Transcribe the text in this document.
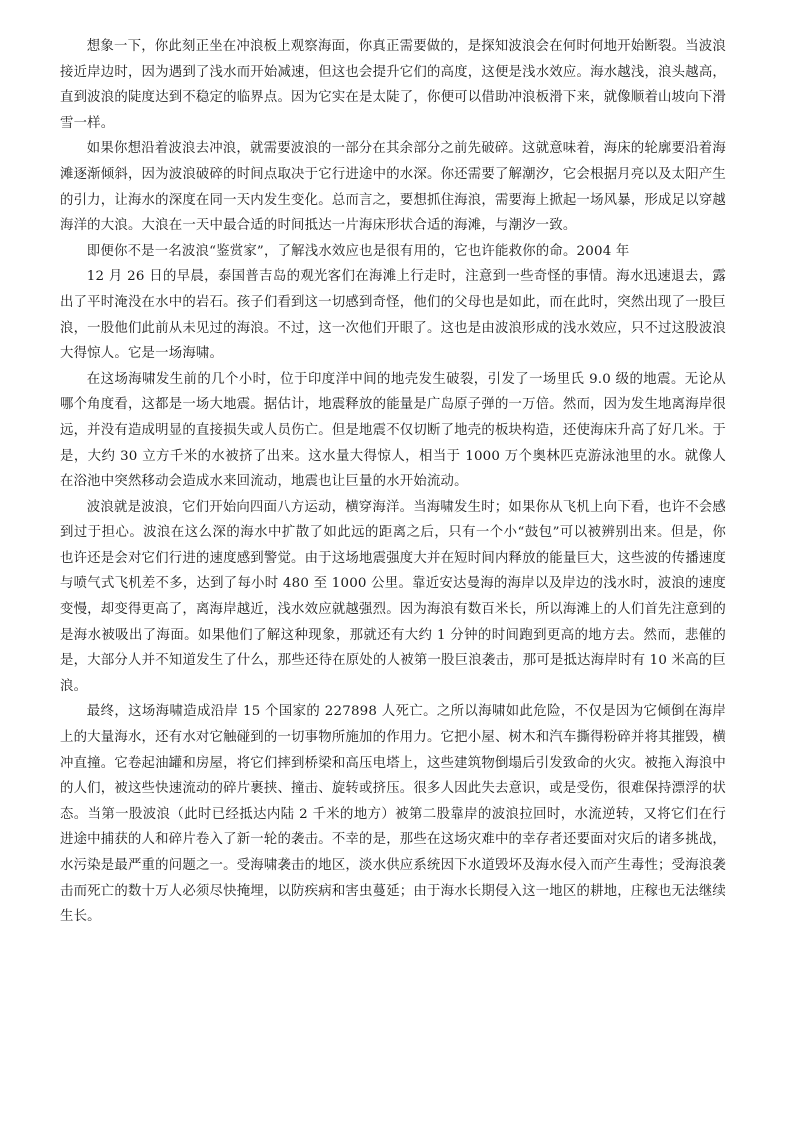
想象一下，你此刻正坐在冲浪板上观察海面，你真正需要做的，是探知波浪会在何时何地开始断裂。当波浪接近岸边时，因为遇到了浅水而开始减速，但这也会提升它们的高度，这便是浅水效应。海水越浅，浪头越高，直到波浪的陡度达到不稳定的临界点。因为它实在是太陡了，你便可以借助冲浪板滑下来，就像顺着山坡向下滑雪一样。

如果你想沿着波浪去冲浪，就需要波浪的一部分在其余部分之前先破碎。这就意味着，海床的轮廓要沿着海滩逐渐倾斜，因为波浪破碎的时间点取决于它行进途中的水深。你还需要了解潮汐，它会根据月亮以及太阳产生的引力，让海水的深度在同一天内发生变化。总而言之，要想抓住海浪，需要海上掀起一场风暴，形成足以穿越海洋的大浪。大浪在一天中最合适的时间抵达一片海床形状合适的海滩，与潮汐一致。

即便你不是一名波浪“鉴赏家”，了解浅水效应也是很有用的，它也许能救你的命。2004 年

12 月 26 日的早晨，泰国普吉岛的观光客们在海滩上行走时，注意到一些奇怪的事情。海水迅速退去，露出了平时淹没在水中的岩石。孩子们看到这一切感到奇怪，他们的父母也是如此，而在此时，突然出现了一股巨浪，一股他们此前从未见过的海浪。不过，这一次他们开眼了。这也是由波浪形成的浅水效应，只不过这股波浪大得惊人。它是一场海啸。

在这场海啸发生前的几个小时，位于印度洋中间的地壳发生破裂，引发了一场里氏 9.0 级的地震。无论从哪个角度看，这都是一场大地震。据估计，地震释放的能量是广岛原子弹的一万倍。然而，因为发生地离海岸很远，并没有造成明显的直接损失或人员伤亡。但是地震不仅切断了地壳的板块构造，还使海床升高了好几米。于是，大约 30 立方千米的水被挤了出来。这水量大得惊人，相当于 1000 万个奥林匹克游泳池里的水。就像人在浴池中突然移动会造成水来回流动，地震也让巨量的水开始流动。

波浪就是波浪，它们开始向四面八方运动，横穿海洋。当海啸发生时；如果你从飞机上向下看，也许不会感到过于担心。波浪在这么深的海水中扩散了如此远的距离之后，只有一个小“鼓包”可以被辨别出来。但是，你也许还是会对它们行进的速度感到警觉。由于这场地震强度大并在短时间内释放的能量巨大，这些波的传播速度与喷气式飞机差不多，达到了每小时 480 至 1000 公里。靠近安达曼海的海岸以及岸边的浅水时，波浪的速度变慢，却变得更高了，离海岸越近，浅水效应就越强烈。因为海浪有数百米长，所以海滩上的人们首先注意到的是海水被吸出了海面。如果他们了解这种现象，那就还有大约 1 分钟的时间跑到更高的地方去。然而，悲催的是，大部分人并不知道发生了什么，那些还待在原处的人被第一股巨浪袭击，那可是抵达海岸时有 10 米高的巨浪。

最终，这场海啸造成沿岸 15 个国家的 227898 人死亡。之所以海啸如此危险，不仅是因为它倾倒在海岸上的大量海水，还有水对它触碰到的一切事物所施加的作用力。它把小屋、树木和汽车撕得粉碎并将其摧毁，横冲直撞。它卷起油罐和房屋，将它们摔到桥梁和高压电塔上，这些建筑物倒塌后引发致命的火灾。被拖入海浪中的人们，被这些快速流动的碎片裹挟、撞击、旋转或挤压。很多人因此失去意识，或是受伤，很难保持漂浮的状态。当第一股波浪（此时已经抵达内陆 2 千米的地方）被第二股靠岸的波浪拉回时，水流逆转，又将它们在行进途中捕获的人和碎片卷入了新一轮的袭击。不幸的是，那些在这场灾难中的幸存者还要面对灾后的诸多挑战，水污染是最严重的问题之一。受海啸袭击的地区，淡水供应系统因下水道毁坏及海水侵入而产生毒性；受海浪袭击而死亡的数十万人必须尽快掩埋，以防疾病和害虫蔓延；由于海水长期侵入这一地区的耕地，庄稼也无法继续生长。
